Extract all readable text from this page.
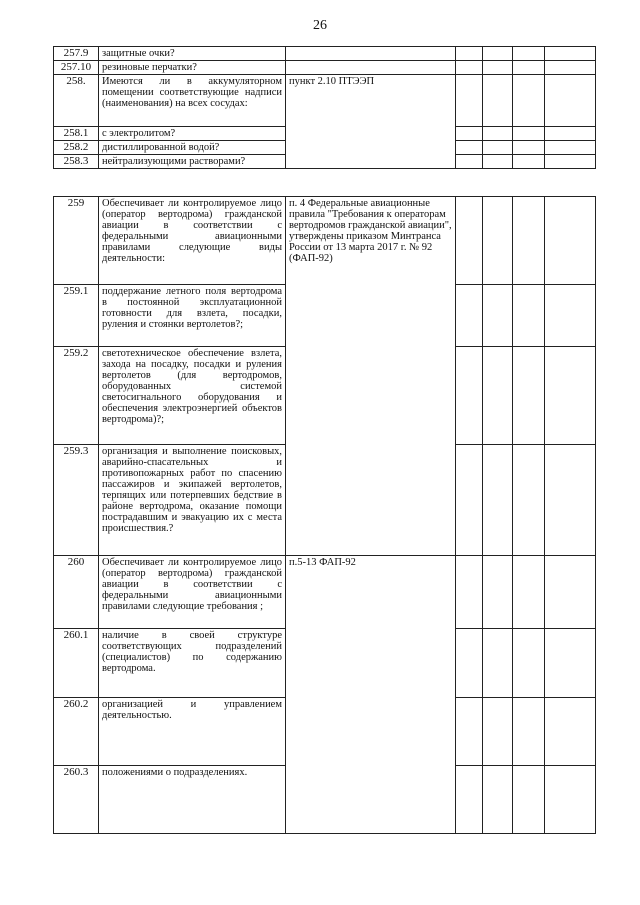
26
257.9	защитные очки?					
257.10	резиновые перчатки?					
258.	Имеются ли в аккумуляторном помещении соответствующие надписи (наименования) на всех сосудах:	пункт 2.10 ПТЭЭП				
258.1	с электролитом?					
258.2	дистиллированной водой?					
258.3	нейтрализующими растворами?					
259	Обеспечивает ли контролируемое лицо (оператор вертодрома) гражданской авиации в соответствии с федеральными авиационными правилами следующие виды деятельности:	п. 4 Федеральные авиационные правила "Требования к операторам вертодромов гражданской авиации", утверждены приказом Минтранса России от 13 марта 2017 г. № 92 (ФАП-92)				
259.1	поддержание летного поля вертодрома в постоянной эксплуатационной готовности для взлета, посадки, руления и стоянки вертолетов?;					
259.2	светотехническое обеспечение взлета, захода на посадку, посадки и руления вертолетов (для вертодромов, оборудованных системой светосигнального оборудования и обеспечения электроэнергией объектов вертодрома)?;					
259.3	организация и выполнение поисковых, аварийно-спасательных и противопожарных работ по спасению пассажиров и экипажей вертолетов, терпящих или потерпевших бедствие в районе вертодрома, оказание помощи пострадавшим и эвакуацию их с места происшествия.?					
260	Обеспечивает ли контролируемое лицо (оператор вертодрома) гражданской авиации в соответствии с федеральными авиационными правилами следующие требования ;	п.5-13 ФАП-92				
260.1	наличие в своей структуре соответствующих подразделений (специалистов) по содержанию вертодрома.					
260.2	организацией и управлением деятельностью.					
260.3	положениями о подразделениях.					
